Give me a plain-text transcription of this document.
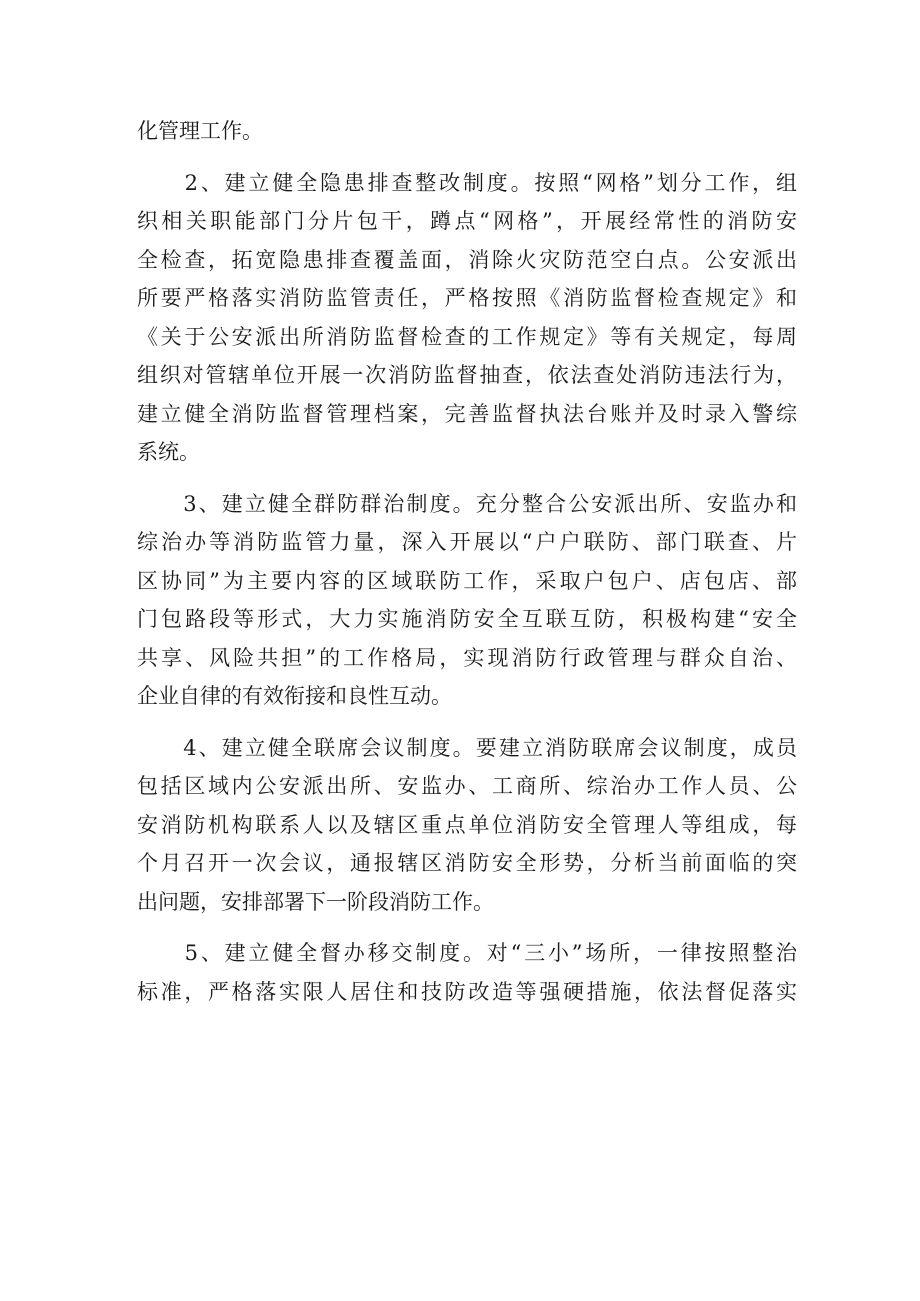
化管理工作。
　　2、建立健全隐患排查整改制度。按照“网格”划分工作，组
织相关职能部门分片包干，蹲点“网格”，开展经常性的消防安
全检查，拓宽隐患排查覆盖面，消除火灾防范空白点。公安派出
所要严格落实消防监管责任，严格按照《消防监督检查规定》和
《关于公安派出所消防监督检查的工作规定》等有关规定，每周
组织对管辖单位开展一次消防监督抽查，依法查处消防违法行为，
建立健全消防监督管理档案，完善监督执法台账并及时录入警综
系统。
　　3、建立健全群防群治制度。充分整合公安派出所、安监办和
综治办等消防监管力量，深入开展以“户户联防、部门联查、片
区协同”为主要内容的区域联防工作，采取户包户、店包店、部
门包路段等形式，大力实施消防安全互联互防，积极构建“安全
共享、风险共担”的工作格局，实现消防行政管理与群众自治、
企业自律的有效衔接和良性互动。
　　4、建立健全联席会议制度。要建立消防联席会议制度，成员
包括区域内公安派出所、安监办、工商所、综治办工作人员、公
安消防机构联系人以及辖区重点单位消防安全管理人等组成，每
个月召开一次会议，通报辖区消防安全形势，分析当前面临的突
出问题，安排部署下一阶段消防工作。
　　5、建立健全督办移交制度。对“三小”场所，一律按照整治
标准，严格落实限人居住和技防改造等强硬措施，依法督促落实
